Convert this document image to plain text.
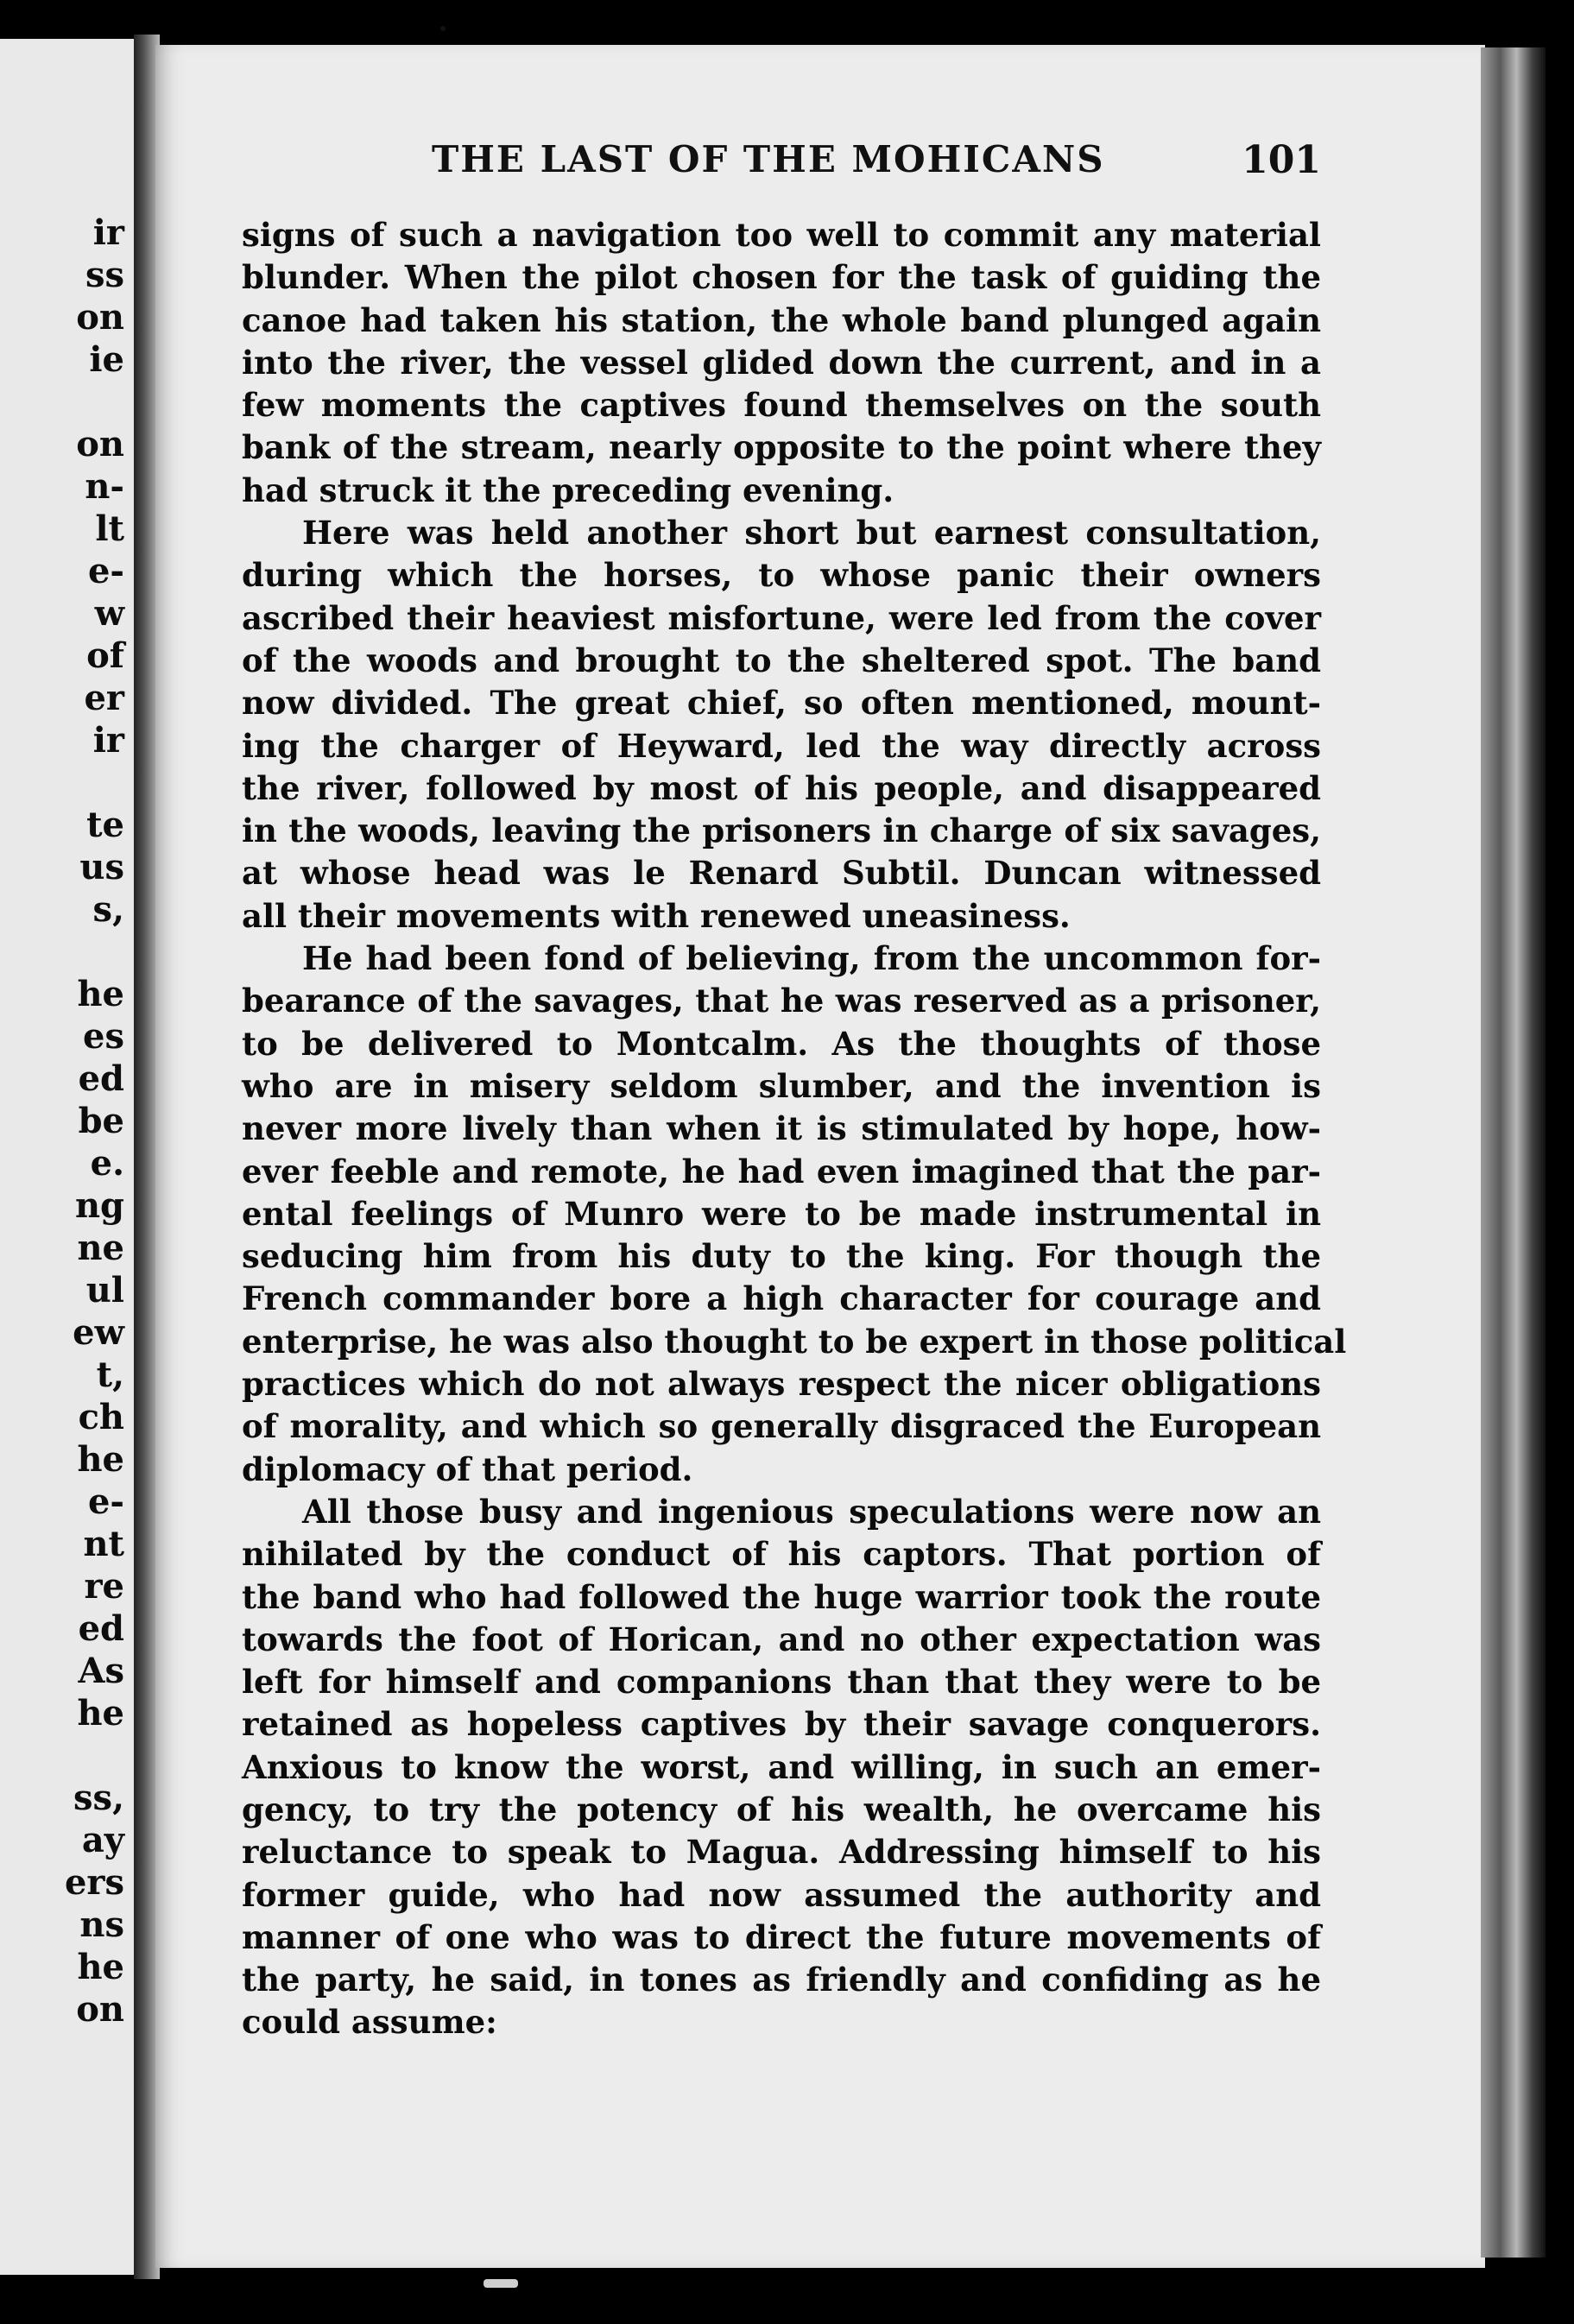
ir
ss
on
ie

on
n-
lt
e-
w
of
er
ir

te
us
s,

he
es
ed
be
e.
ng
ne
ul
ew
t,
ch
he
e-
nt
re
ed
As
he

ss,
ay
ers
ns
he
on
THE LAST OF THE MOHICANS	101
signs of such a navigation too well to commit any material
blunder. When the pilot chosen for the task of guiding the
canoe had taken his station, the whole band plunged again
into the river, the vessel glided down the current, and in a
few moments the captives found themselves on the south
bank of the stream, nearly opposite to the point where they
had struck it the preceding evening.
Here was held another short but earnest consultation,
during which the horses, to whose panic their owners
ascribed their heaviest misfortune, were led from the cover
of the woods and brought to the sheltered spot. The band
now divided. The great chief, so often mentioned, mount-
ing the charger of Heyward, led the way directly across
the river, followed by most of his people, and disappeared
in the woods, leaving the prisoners in charge of six savages,
at whose head was le Renard Subtil. Duncan witnessed
all their movements with renewed uneasiness.
He had been fond of believing, from the uncommon for-
bearance of the savages, that he was reserved as a prisoner,
to be delivered to Montcalm. As the thoughts of those
who are in misery seldom slumber, and the invention is
never more lively than when it is stimulated by hope, how-
ever feeble and remote, he had even imagined that the par-
ental feelings of Munro were to be made instrumental in
seducing him from his duty to the king. For though the
French commander bore a high character for courage and
enterprise, he was also thought to be expert in those political
practices which do not always respect the nicer obligations
of morality, and which so generally disgraced the European
diplomacy of that period.
All those busy and ingenious speculations were now an
nihilated by the conduct of his captors. That portion of
the band who had followed the huge warrior took the route
towards the foot of Horican, and no other expectation was
left for himself and companions than that they were to be
retained as hopeless captives by their savage conquerors.
Anxious to know the worst, and willing, in such an emer-
gency, to try the potency of his wealth, he overcame his
reluctance to speak to Magua. Addressing himself to his
former guide, who had now assumed the authority and
manner of one who was to direct the future movements of
the party, he said, in tones as friendly and confiding as he
could assume:
